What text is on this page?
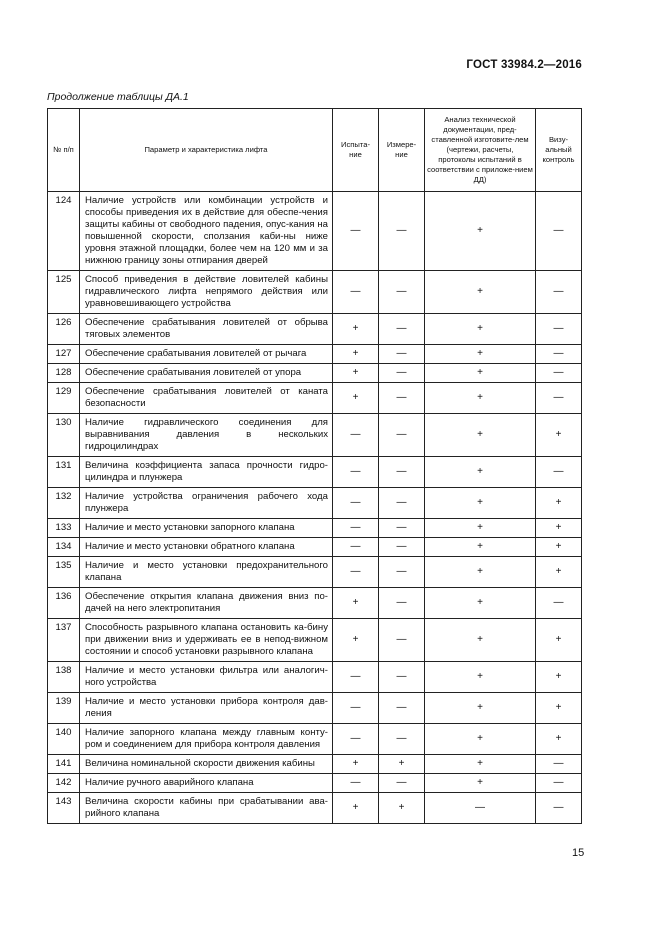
ГОСТ 33984.2—2016
Продолжение таблицы ДА.1
№ п/п	Параметр и характеристика лифта	Испыта-ние	Измере-ние	Анализ технической документации, пред-ставленной изготовите-лем (чертежи, расчеты, протоколы испытаний в соответствии с приложе-нием ДД)	Визу-альный контроль
124	Наличие устройств или комбинации устройств и способы приведения их в действие для обеспе-чения защиты кабины от свободного падения, опус-кания на повышенной скорости, сползания каби-ны ниже уровня этажной площадки, более чем на 120 мм и за нижнюю границу зоны отпирания дверей	—	—	+	—
125	Способ приведения в действие ловителей кабины гидравлического лифта непрямого действия или уравновешивающего устройства	—	—	+	—
126	Обеспечение срабатывания ловителей от обрыва тяговых элементов	+	—	+	—
127	Обеспечение срабатывания ловителей от рычага	+	—	+	—
128	Обеспечение срабатывания ловителей от упора	+	—	+	—
129	Обеспечение срабатывания ловителей от каната безопасности	+	—	+	—
130	Наличие гидравлического соединения для выравнивания давления в нескольких гидроцилиндрах	—	—	+	+
131	Величина коэффициента запаса прочности гидро-цилиндра и плунжера	—	—	+	—
132	Наличие устройства ограничения рабочего хода плунжера	—	—	+	+
133	Наличие и место установки запорного клапана	—	—	+	+
134	Наличие и место установки обратного клапана	—	—	+	+
135	Наличие и место установки предохранительного клапана	—	—	+	+
136	Обеспечение открытия клапана движения вниз по-дачей на него электропитания	+	—	+	—
137	Способность разрывного клапана остановить ка-бину при движении вниз и удерживать ее в непод-вижном состоянии и способ установки разрывного клапана	+	—	+	+
138	Наличие и место установки фильтра или аналогич-ного устройства	—	—	+	+
139	Наличие и место установки прибора контроля дав-ления	—	—	+	+
140	Наличие запорного клапана между главным конту-ром и соединением для прибора контроля давления	—	—	+	+
141	Величина номинальной скорости движения кабины	+	+	+	—
142	Наличие ручного аварийного клапана	—	—	+	—
143	Величина скорости кабины при срабатывании ава-рийного клапана	+	+	—	—
15
